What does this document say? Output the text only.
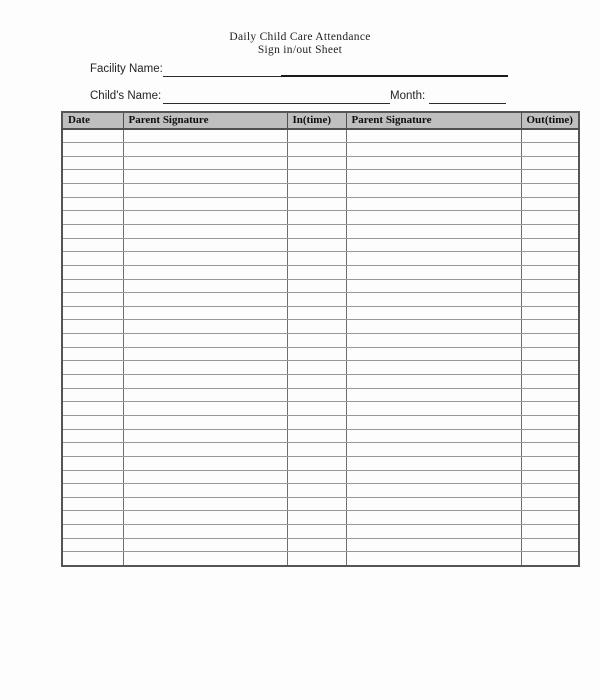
Daily Child Care Attendance
Sign in/out Sheet
Facility Name:
Child's Name:	Month:
Date	Parent Signature	In(time)	Parent Signature	Out(time)
